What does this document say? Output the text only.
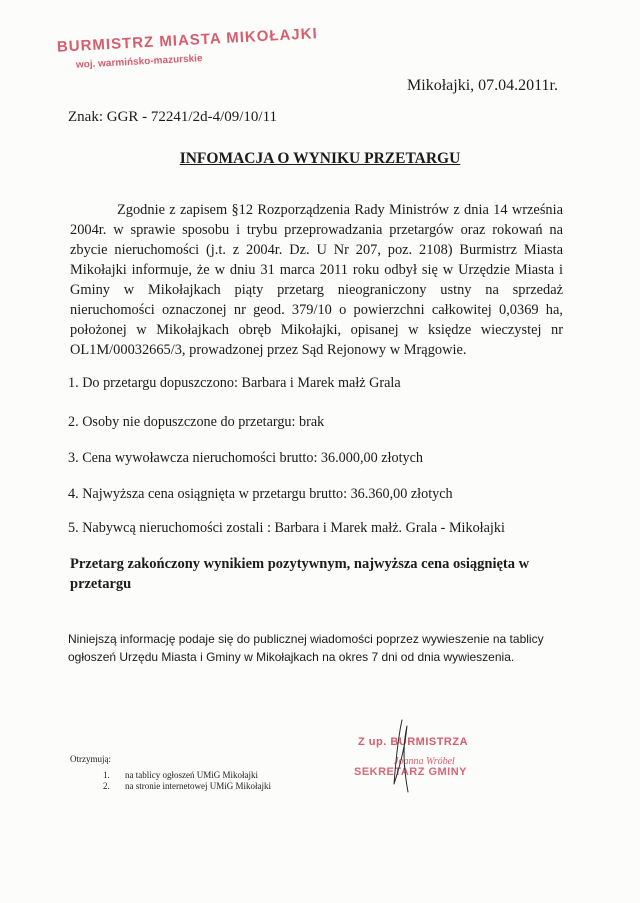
BURMISTRZ MIASTA MIKOŁAJKI
woj. warmińsko-mazurskie
Mikołajki, 07.04.2011r.
Znak: GGR - 72241/2d-4/09/10/11
INFOMACJA O WYNIKU PRZETARGU

Zgodnie z zapisem §12 Rozporządzenia Rady Ministrów z dnia 14 września 2004r. w sprawie sposobu i trybu przeprowadzania przetargów oraz rokowań na zbycie nieruchomości (j.t. z 2004r. Dz. U Nr 207, poz. 2108) Burmistrz Miasta Mikołajki informuje, że w dniu 31 marca 2011 roku odbył się w Urzędzie Miasta i Gminy w Mikołajkach piąty przetarg nieograniczony ustny na sprzedaż nieruchomości oznaczonej nr geod. 379/10 o powierzchni całkowitej 0,0369 ha, położonej w Mikołajkach obręb Mikołajki, opisanej w księdze wieczystej nr OL1M/00032665/3, prowadzonej przez Sąd Rejonowy w Mrągowie.

1. Do przetargu dopuszczono: Barbara i Marek małż Grala

2. Osoby nie dopuszczone do przetargu: brak

3. Cena wywoławcza nieruchomości brutto: 36.000,00 złotych

4. Najwyższa cena osiągnięta w przetargu brutto: 36.360,00 złotych

5. Nabywcą nieruchomości zostali : Barbara i Marek małż. Grala - Mikołajki

Przetarg zakończony wynikiem pozytywnym, najwyższa cena osiągnięta w przetargu

Niniejszą informację podaje się do publicznej wiadomości poprzez wywieszenie na tablicy ogłoszeń Urzędu Miasta i Gminy w Mikołajkach na okres 7 dni od dnia wywieszenia.

Otrzymują:
1. na tablicy ogłoszeń UMiG Mikołajki
2. na stronie internetowej UMiG Mikołajki
Z up. BURMISTRZA
Joanna Wróbel
SEKRETARZ GMINY
